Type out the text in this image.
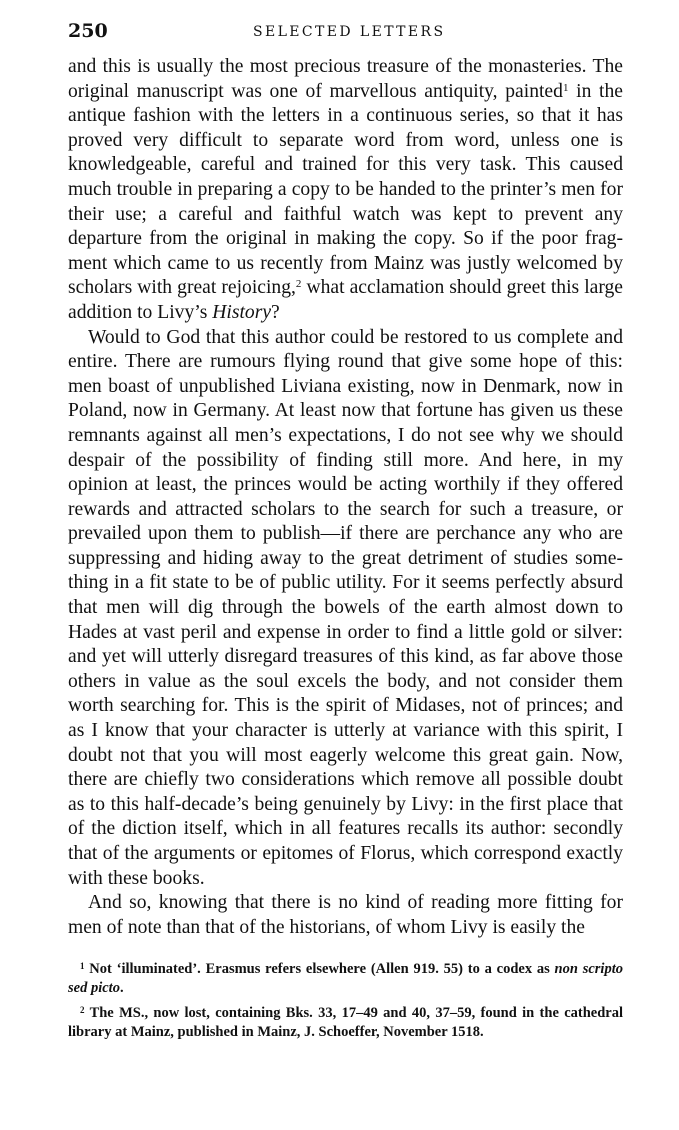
250	SELECTED LETTERS

and this is usually the most precious treasure of the monasteries. The original manuscript was one of marvellous antiquity, painted$^1$ in the antique fashion with the letters in a continuous series, so that it has proved very difficult to separate word from word, unless one is knowledgeable, careful and trained for this very task. This caused much trouble in preparing a copy to be handed to the printer’s men for their use; a careful and faithful watch was kept to prevent any departure from the original in making the copy. So if the poor fragment which came to us recently from Mainz was justly welcomed by scholars with great rejoicing,$^2$ what acclamation should greet this large addition to Livy’s History?

Would to God that this author could be restored to us complete and entire. There are rumours flying round that give some hope of this: men boast of unpublished Liviana existing, now in Denmark, now in Poland, now in Germany. At least now that fortune has given us these remnants against all men’s expectations, I do not see why we should despair of the possibility of finding still more. And here, in my opinion at least, the princes would be acting worthily if they offered rewards and attracted scholars to the search for such a treasure, or prevailed upon them to publish—if there are perchance any who are suppressing and hiding away to the great detriment of studies something in a fit state to be of public utility. For it seems perfectly absurd that men will dig through the bowels of the earth almost down to Hades at vast peril and expense in order to find a little gold or silver: and yet will utterly disregard treasures of this kind, as far above those others in value as the soul excels the body, and not consider them worth searching for. This is the spirit of Midases, not of princes; and as I know that your character is utterly at variance with this spirit, I doubt not that you will most eagerly welcome this great gain. Now, there are chiefly two considerations which remove all possible doubt as to this half-decade’s being genuinely by Livy: in the first place that of the diction itself, which in all features recalls its author: secondly that of the arguments or epitomes of Florus, which correspond exactly with these books.

And so, knowing that there is no kind of reading more fitting for men of note than that of the historians, of whom Livy is easily the

$^1$ Not ‘illuminated’. Erasmus refers elsewhere (Allen 919. 55) to a codex as non scripto sed picto.

$^2$ The MS., now lost, containing Bks. 33, 17–49 and 40, 37–59, found in the cathedral library at Mainz, published in Mainz, J. Schoeffer, November 1518.
